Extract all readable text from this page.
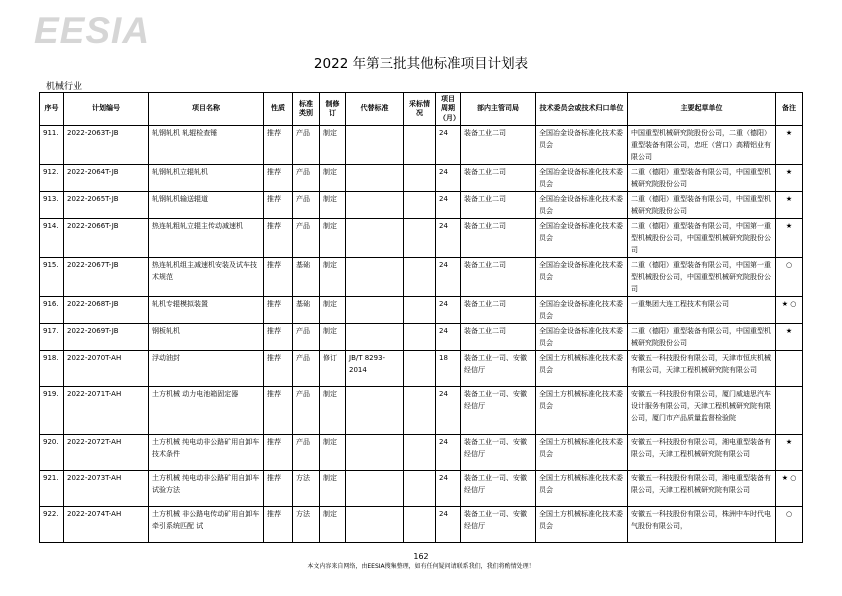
EESIA
2022 年第三批其他标准项目计划表
机械行业
序号	计划编号	项目名称	性质	标准类别	制修订	代替标准	采标情况	项目周期（月）	部内主管司局	技术委员会或技术归口单位	主要起草单位	备注
911.	2022-2063T-JB	轧钢轧机 轧辊检查锤	推荐	产品	制定			24	装备工业二司	全国冶金设备标准化技术委员会	中国重型机械研究院股份公司，二重（德阳）重型装备有限公司，忠旺（营口）高精铝业有限公司	★
912.	2022-2064T-JB	轧钢轧机立辊轧机	推荐	产品	制定			24	装备工业二司	全国冶金设备标准化技术委员会	二重（德阳）重型装备有限公司，中国重型机械研究院股份公司	★
913.	2022-2065T-JB	轧钢轧机输送辊道	推荐	产品	制定			24	装备工业二司	全国冶金设备标准化技术委员会	二重（德阳）重型装备有限公司，中国重型机械研究院股份公司	★
914.	2022-2066T-JB	热连轧粗轧立辊主传动减速机	推荐	产品	制定			24	装备工业二司	全国冶金设备标准化技术委员会	二重（德阳）重型装备有限公司，中国第一重型机械股份公司，中国重型机械研究院股份公司	★
915.	2022-2067T-JB	热连轧机组主减速机安装及试车技术规范	推荐	基础	制定			24	装备工业二司	全国冶金设备标准化技术委员会	二重（德阳）重型装备有限公司，中国第一重型机械股份公司，中国重型机械研究院股份公司	○
916.	2022-2068T-JB	轧机专辊模拟装置	推荐	基础	制定			24	装备工业二司	全国冶金设备标准化技术委员会	一重集团大连工程技术有限公司	★ ○
917.	2022-2069T-JB	钢板轧机	推荐	产品	制定			24	装备工业二司	全国冶金设备标准化技术委员会	二重（德阳）重型装备有限公司，中国重型机械研究院股份公司	★
918.	2022-2070T-AH	浮动油封	推荐	产品	修订	JB/T 8293-2014		18	装备工业一司、安徽经信厅	全国土方机械标准化技术委员会	安徽五一科技股份有限公司，天津市恒庆机械有限公司，天津工程机械研究院有限公司	
919.	2022-2071T-AH	土方机械 动力电池箱固定器	推荐	产品	制定			24	装备工业一司、安徽经信厅	全国土方机械标准化技术委员会	安徽五一科技股份有限公司，厦门威迪思汽车设计服务有限公司，天津工程机械研究院有限公司，厦门市产品质量监督检验院	
920.	2022-2072T-AH	土方机械 纯电动非公路矿用自卸车 技术条件	推荐	产品	制定			24	装备工业一司、安徽经信厅	全国土方机械标准化技术委员会	安徽五一科技股份有限公司，湘电重型装备有限公司，天津工程机械研究院有限公司	★
921.	2022-2073T-AH	土方机械 纯电动非公路矿用自卸车 试验方法	推荐	方法	制定			24	装备工业一司、安徽经信厅	全国土方机械标准化技术委员会	安徽五一科技股份有限公司，湘电重型装备有限公司，天津工程机械研究院有限公司	★ ○
922.	2022-2074T-AH	土方机械 非公路电传动矿用自卸车牵引系统匹配 试	推荐	方法	制定			24	装备工业一司、安徽经信厅	全国土方机械标准化技术委员会	安徽五一科技股份有限公司，株洲中车时代电气股份有限公司，	○
162
本文内容来自网络，由EESIA搜集整理，如有任何疑问请联系我们，我们将酌情处理！
